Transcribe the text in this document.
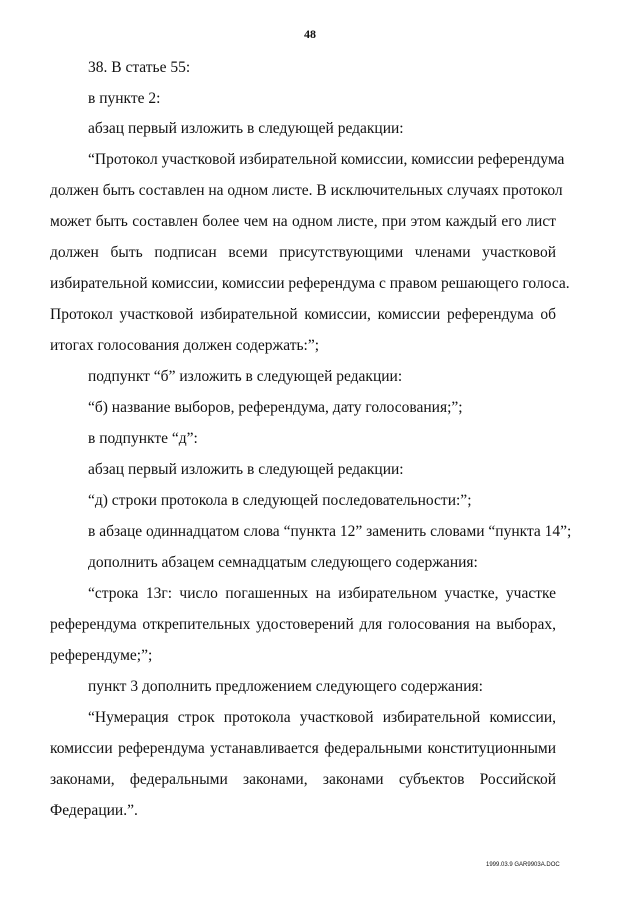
48
38. В статье 55:
в пункте 2:
абзац первый изложить в следующей редакции:
“Протокол участковой избирательной комиссии, комиссии референдума
должен быть составлен на одном листе. В исключительных случаях протокол
может быть составлен более чем на одном листе, при этом каждый его лист
должен быть подписан всеми присутствующими членами участковой
избирательной комиссии, комиссии референдума с правом решающего голоса.
Протокол участковой избирательной комиссии, комиссии референдума об
итогах голосования должен содержать:”;
подпункт “б” изложить в следующей редакции:
“б) название выборов, референдума, дату голосования;”;
в подпункте “д”:
абзац первый изложить в следующей редакции:
“д) строки протокола в следующей последовательности:”;
в абзаце одиннадцатом слова “пункта 12” заменить словами “пункта 14”;
дополнить абзацем семнадцатым следующего содержания:
“строка 13г: число погашенных на избирательном участке, участке
референдума открепительных удостоверений для голосования на выборах,
референдуме;”;
пункт 3 дополнить предложением следующего содержания:
“Нумерация строк протокола участковой избирательной комиссии,
комиссии референдума устанавливается федеральными конституционными
законами, федеральными законами, законами субъектов Российской
Федерации.”.
1999.03.9 GAR9903A.DOC
